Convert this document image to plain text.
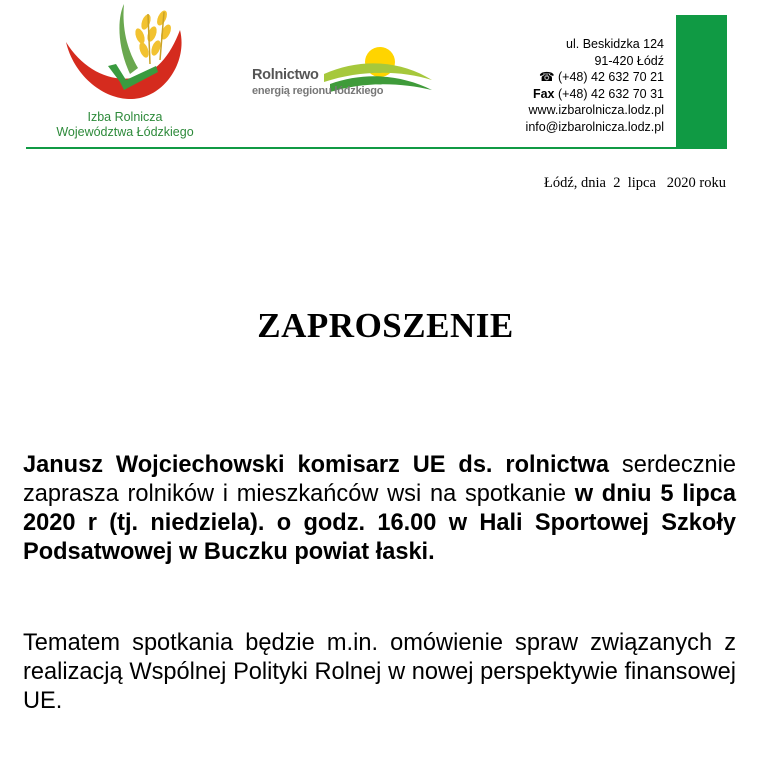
Izba Rolnicza
Województwa Łódzkiego
Rolnictwo
energią regionu łódzkiego
ul. Beskidzka 124
91-420 Łódź
☎ (+48) 42 632 70 21
Fax (+48) 42 632 70 31
www.izbarolnicza.lodz.pl
info@izbarolnicza.lodz.pl
Łódź, dnia  2  lipca   2020 roku
ZAPROSZENIE
Janusz Wojciechowski komisarz UE ds. rolnictwa serdecznie zaprasza rolników i mieszkańców wsi na spotkanie w dniu 5 lipca 2020 r (tj. niedziela). o godz. 16.00 w Hali Sportowej Szkoły Podsatwowej w Buczku powiat łaski.
Tematem spotkania będzie m.in. omówienie spraw związanych z realizacją Wspólnej Polityki Rolnej w nowej perspektywie finansowej UE.
